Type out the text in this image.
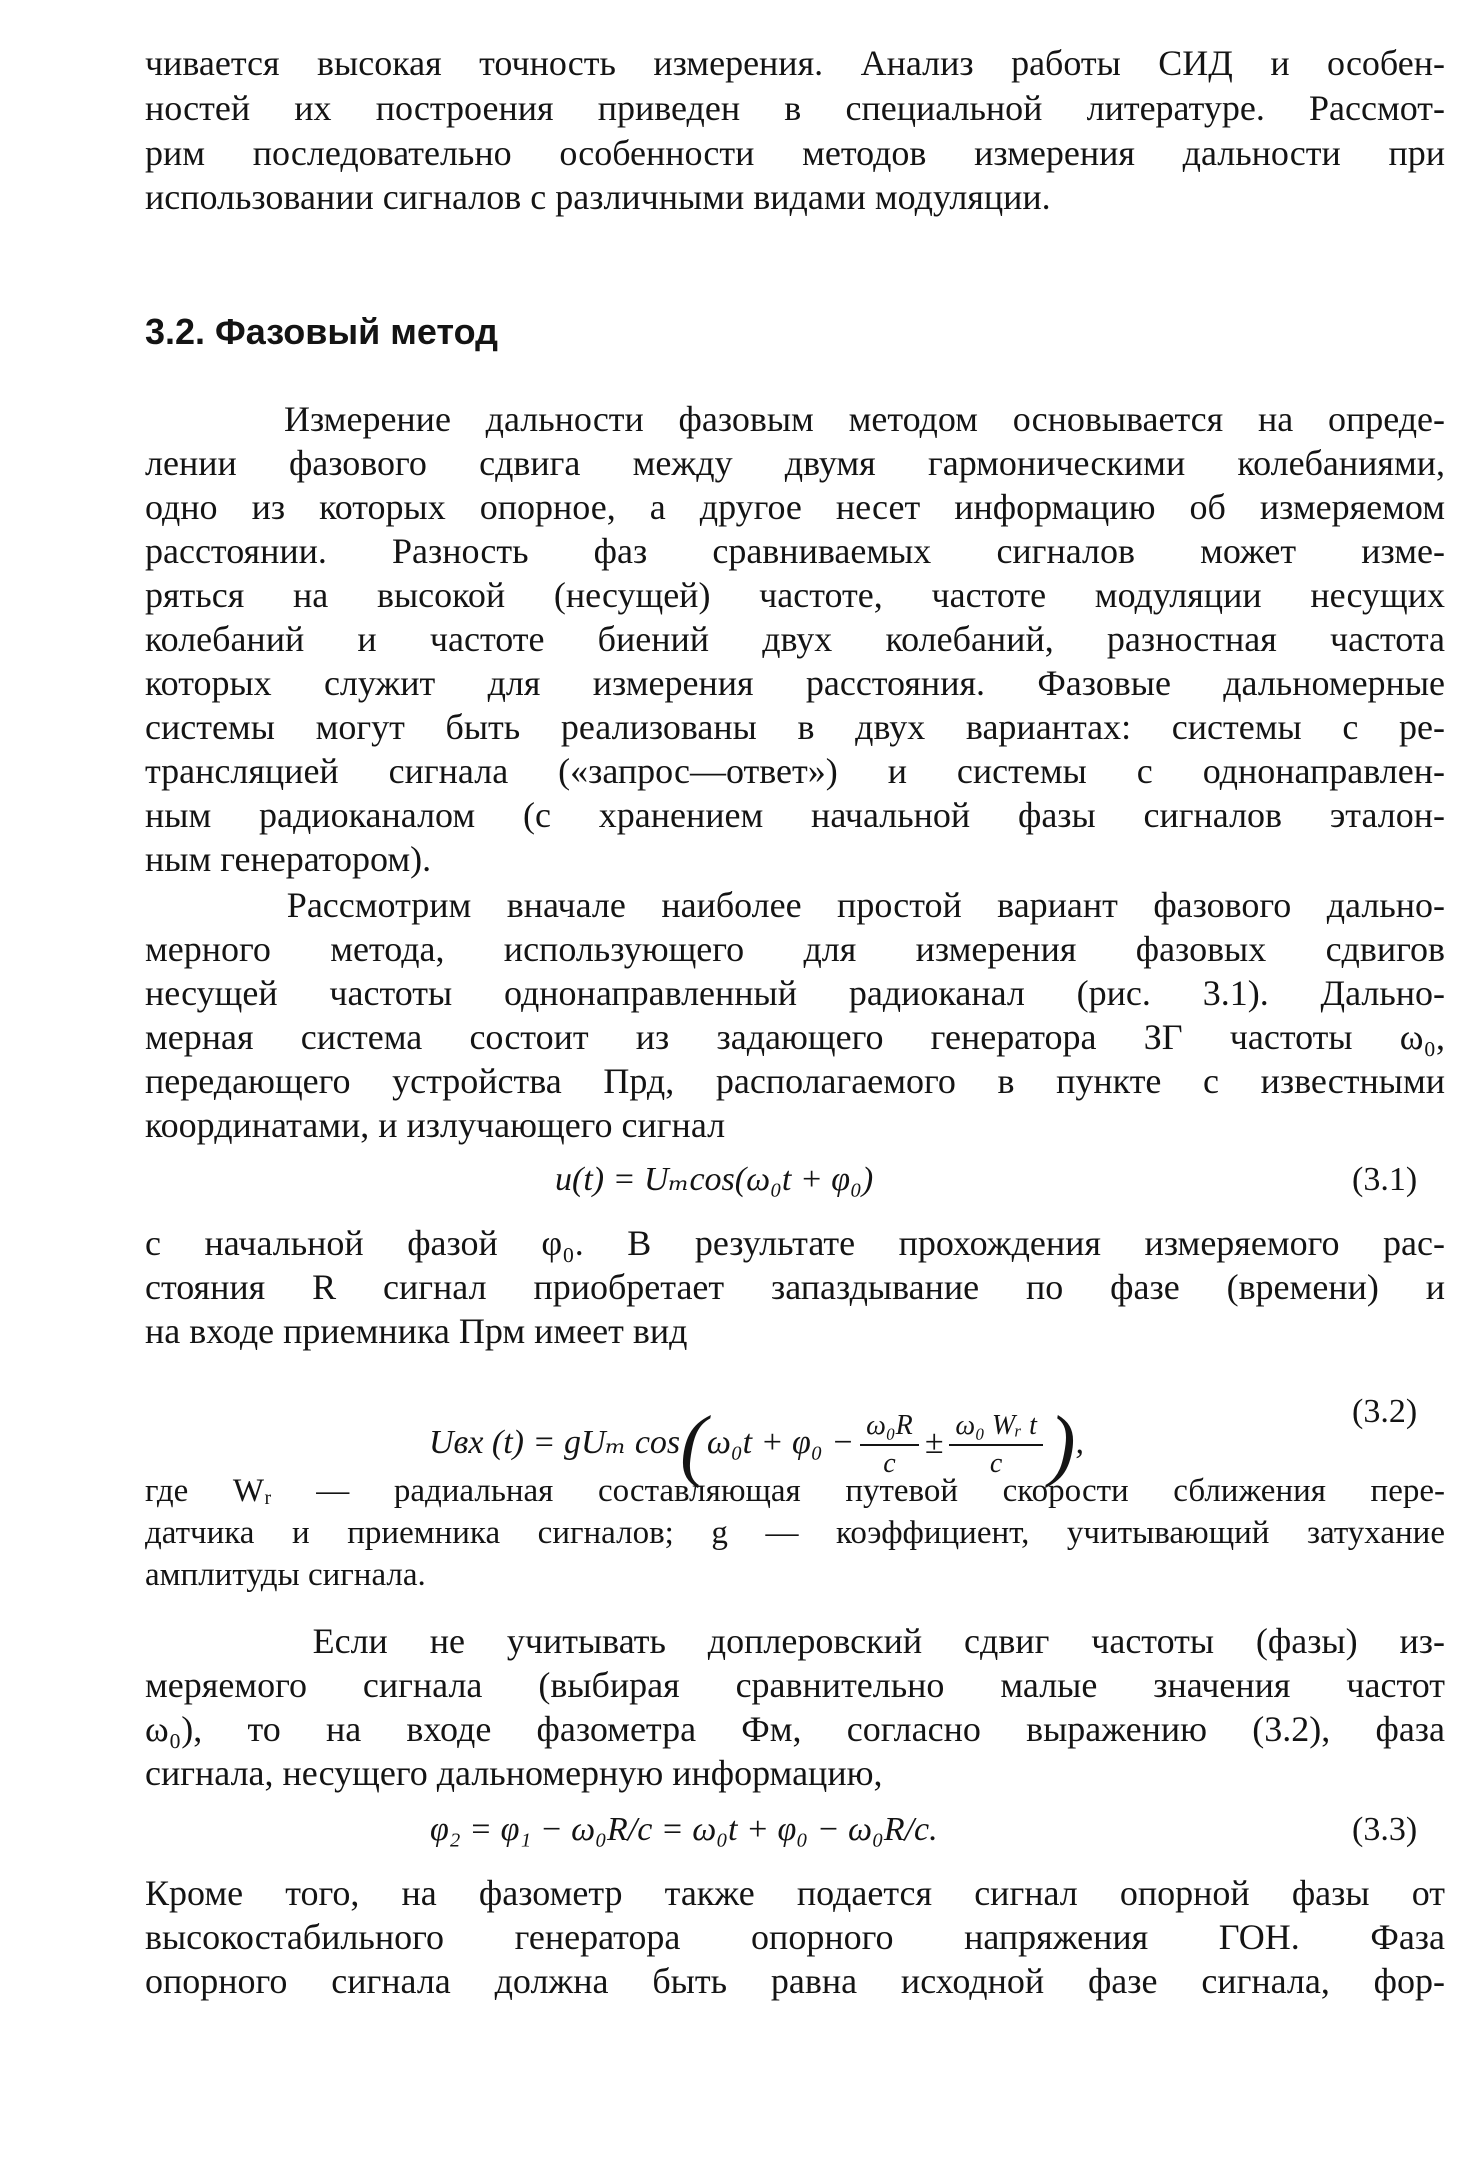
чивается высокая точность измерения. Анализ работы СИД и особен-
ностей их построения приведен в специальной литературе. Рассмот-
рим последовательно особенности методов измерения дальности при
использовании сигналов с различными видами модуляции.
3.2. Фазовый метод
Измерение дальности фазовым методом основывается на опреде-
лении фазового сдвига между двумя гармоническими колебаниями,
одно из которых опорное, а другое несет информацию об измеряемом
расстоянии. Разность фаз сравниваемых сигналов может изме-
ряться на высокой (несущей) частоте, частоте модуляции несущих
колебаний и частоте биений двух колебаний, разностная частота
которых служит для измерения расстояния. Фазовые дальномерные
системы могут быть реализованы в двух вариантах: системы с ре-
трансляцией сигнала («запрос—ответ») и системы с однонаправлен-
ным радиоканалом (с хранением начальной фазы сигналов эталон-
ным генератором).
Рассмотрим вначале наиболее простой вариант фазового дально-
мерного метода, использующего для измерения фазовых сдвигов
несущей частоты однонаправленный радиоканал (рис. 3.1). Дально-
мерная система состоит из задающего генератора ЗГ частоты ω₀,
передающего устройства Прд, располагаемого в пункте с известными
координатами, и излучающего сигнал
u(t) = Uₘcos(ω₀t + φ₀)	(3.1)
с начальной фазой φ₀. В результате прохождения измеряемого рас-
стояния R сигнал приобретает запаздывание по фазе (времени) и
на входе приемника Прм имеет вид

Uвх (t) = gUₘ $\cos(\omega_0t + \varphi_0 - \frac{\text{ω₀R}}{c} \pm \frac{\text{ω₀ Wᵣ t}}{c}$ ),

(3.2)
где Wᵣ — радиальная составляющая путевой скорости сближения пере-
датчика и приемника сигналов; g — коэффициент, учитывающий затухание
амплитуды сигнала.
Если не учитывать доплеровский сдвиг частоты (фазы) из-
меряемого сигнала (выбирая сравнительно малые значения частот
ω₀), то на входе фазометра Фм, согласно выражению (3.2), фаза
сигнала, несущего дальномерную информацию,
φ₂ = φ₁ − ω₀R/c = ω₀t + φ₀ − ω₀R/c.	(3.3)
Кроме того, на фазометр также подается сигнал опорной фазы от
высокостабильного генератора опорного напряжения ГОН. Фаза
опорного сигнала должна быть равна исходной фазе сигнала, фор-
